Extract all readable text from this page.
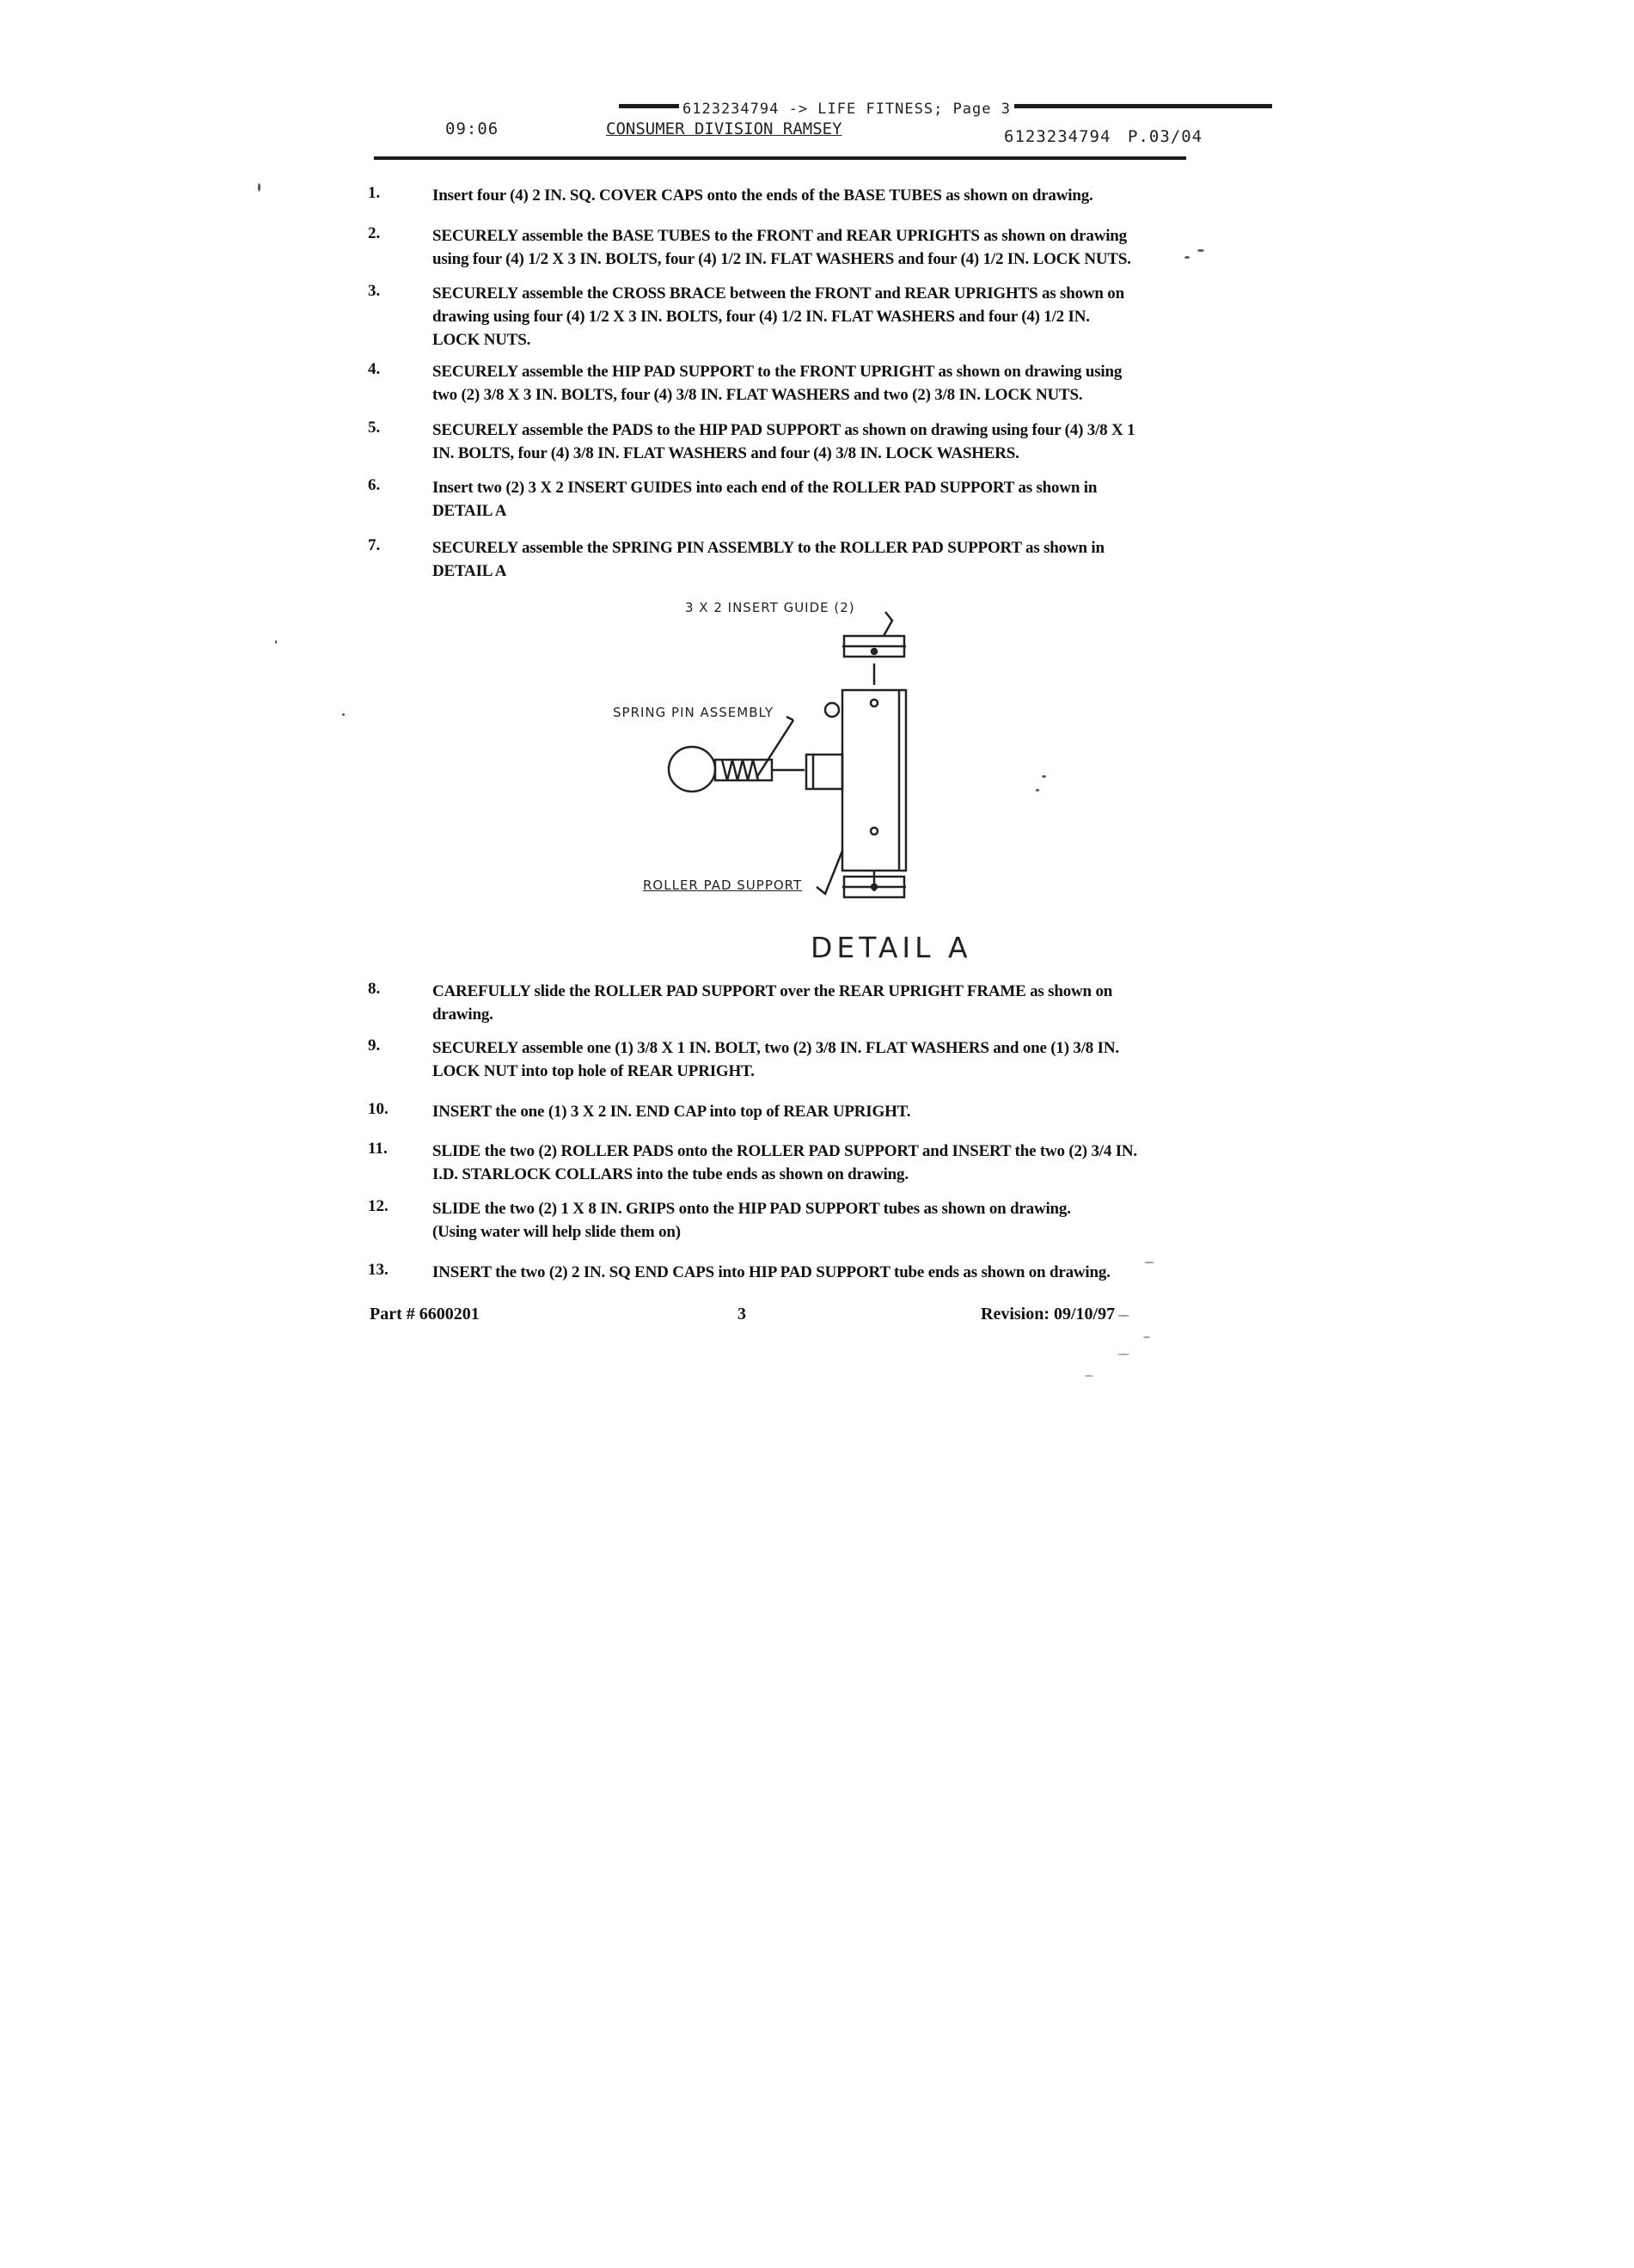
6123234794 -> LIFE FITNESS; Page 3
09:06	CONSUMER DIVISION RAMSEY	6123234794 P.03/04
1.	Insert four (4) 2 IN. SQ. COVER CAPS onto the ends of the BASE TUBES as shown on drawing.
2.	SECURELY assemble the BASE TUBES to the FRONT and REAR UPRIGHTS as shown on drawing
using four (4) 1/2 X 3 IN. BOLTS, four (4) 1/2 IN. FLAT WASHERS and four (4) 1/2 IN. LOCK NUTS.
3.	SECURELY assemble the CROSS BRACE between the FRONT and REAR UPRIGHTS as shown on
drawing using four (4) 1/2 X 3 IN. BOLTS, four (4) 1/2 IN. FLAT WASHERS and four (4) 1/2 IN.
LOCK NUTS.
4.	SECURELY assemble the HIP PAD SUPPORT to the FRONT UPRIGHT as shown on drawing using
two (2) 3/8 X 3 IN. BOLTS, four (4) 3/8 IN. FLAT WASHERS and two (2) 3/8 IN. LOCK NUTS.
5.	SECURELY assemble the PADS to the HIP PAD SUPPORT as shown on drawing using four (4) 3/8 X 1
IN. BOLTS, four (4) 3/8 IN. FLAT WASHERS and four (4) 3/8 IN. LOCK WASHERS.
6.	Insert two (2) 3 X 2 INSERT GUIDES into each end of the ROLLER PAD SUPPORT as shown in
DETAIL A
7.	SECURELY assemble the SPRING PIN ASSEMBLY to the ROLLER PAD SUPPORT as shown in
DETAIL A
3 X 2 INSERT GUIDE (2)
SPRING PIN ASSEMBLY
ROLLER PAD SUPPORT
DETAIL A
8.	CAREFULLY slide the ROLLER PAD SUPPORT over the REAR UPRIGHT FRAME as shown on
drawing.
9.	SECURELY assemble one (1) 3/8 X 1 IN. BOLT, two (2) 3/8 IN. FLAT WASHERS and one (1) 3/8 IN.
LOCK NUT into top hole of REAR UPRIGHT.
10.	INSERT the one (1) 3 X 2 IN. END CAP into top of REAR UPRIGHT.
11.	SLIDE the two (2) ROLLER PADS onto the ROLLER PAD SUPPORT and INSERT the two (2) 3/4 IN.
I.D. STARLOCK COLLARS into the tube ends as shown on drawing.
12.	SLIDE the two (2) 1 X 8 IN. GRIPS onto the HIP PAD SUPPORT tubes as shown on drawing.
(Using water will help slide them on)
13.	INSERT the two (2) 2 IN. SQ END CAPS into HIP PAD SUPPORT tube ends as shown on drawing.
Part # 6600201	3	Revision: 09/10/97
